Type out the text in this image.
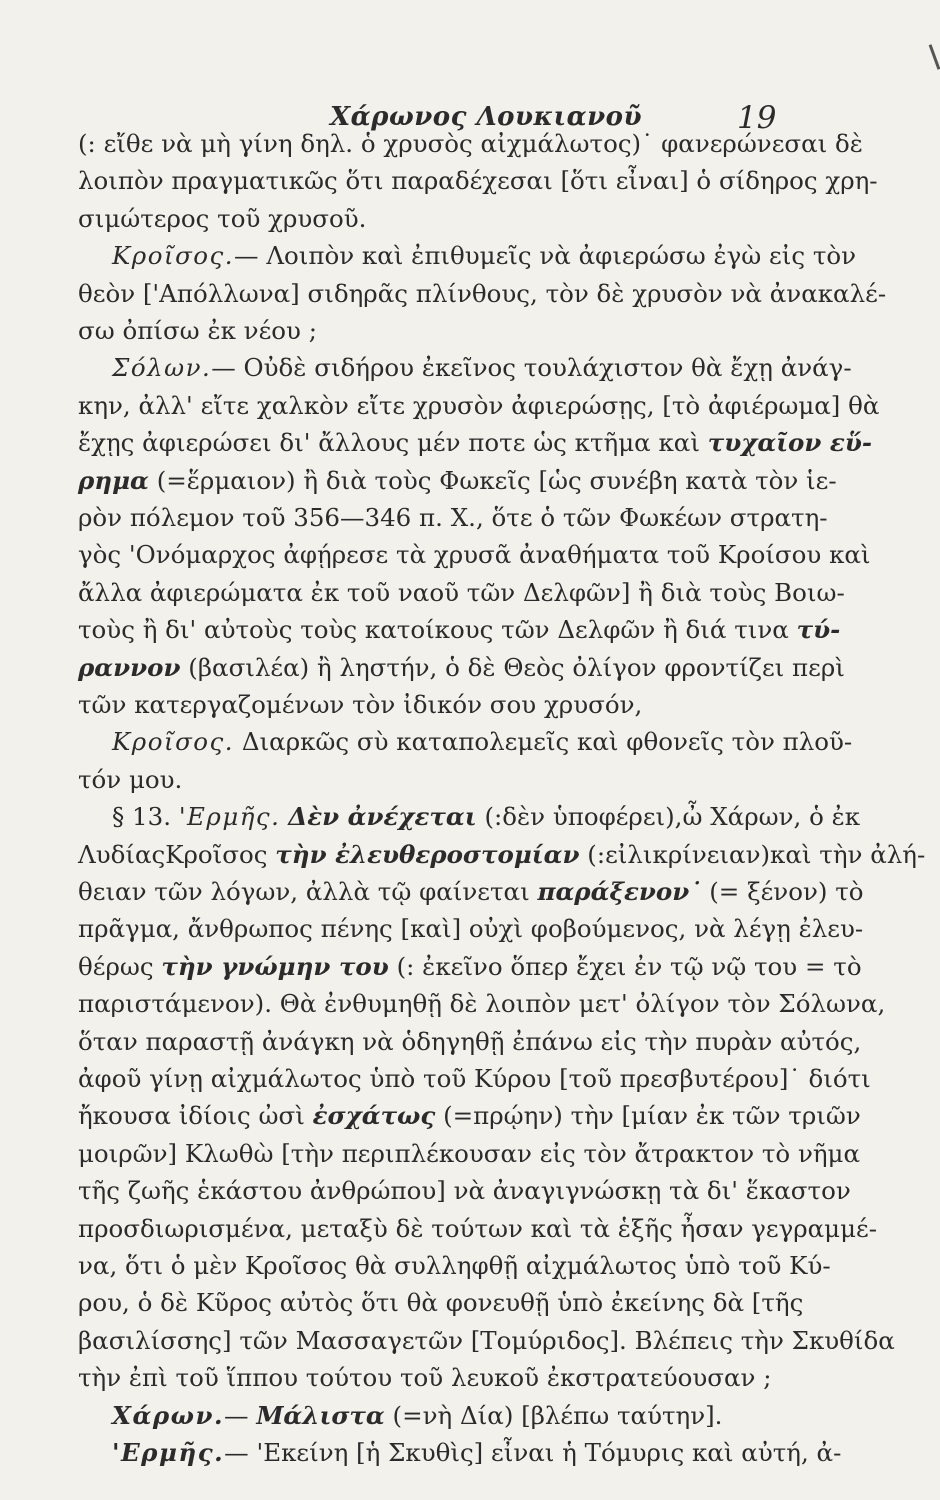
Χάρωνος Λουκιανοῦ	19
(: εἴθε νὰ μὴ γίνη δηλ. ὁ χρυσὸς αἰχμάλωτος)˙ φανερώνεσαι δὲ
λοιπὸν πραγματικῶς ὅτι παραδέχεσαι [ὅτι εἶναι] ὁ σίδηρος χρη-
σιμώτερος τοῦ χρυσοῦ.
Κροῖσος.— Λοιπὸν καὶ ἐπιθυμεῖς νὰ ἀφιερώσω ἐγὼ εἰς τὸν
θεὸν ['Απόλλωνα] σιδηρᾶς πλίνθους, τὸν δὲ χρυσὸν νὰ ἀνακαλέ-
σω ὀπίσω ἐκ νέου ;
Σόλων.— Οὐδὲ σιδήρου ἐκεῖνος τουλάχιστον θὰ ἔχῃ ἀνάγ-
κην, ἀλλ' εἴτε χαλκὸν εἴτε χρυσὸν ἀφιερώσῃς, [τὸ ἀφιέρωμα] θὰ
ἔχῃς ἀφιερώσει δι' ἄλλους μέν ποτε ὡς κτῆμα καὶ τυχαῖον εὕ-
ρημα (=ἕρμαιον) ἢ διὰ τοὺς Φωκεῖς [ὡς συνέβη κατὰ τὸν ἱε-
ρὸν πόλεμον τοῦ 356—346 π. Χ., ὅτε ὁ τῶν Φωκέων στρατη-
γὸς 'Ονόμαρχος ἀφῄρεσε τὰ χρυσᾶ ἀναθήματα τοῦ Κροίσου καὶ
ἄλλα ἀφιερώματα ἐκ τοῦ ναοῦ τῶν Δελφῶν] ἢ διὰ τοὺς Βοιω-
τοὺς ἢ δι' αὐτοὺς τοὺς κατοίκους τῶν Δελφῶν ἢ διά τινα τύ-
ραννον (βασιλέα) ἢ ληστήν, ὁ δὲ Θεὸς ὀλίγον φροντίζει περὶ
τῶν κατεργαζομένων τὸν ἰδικόν σου χρυσόν,
Κροῖσος. Διαρκῶς σὺ καταπολεμεῖς καὶ φθονεῖς τὸν πλοῦ-
τόν μου.
§ 13. 'Ερμῆς. Δὲν ἀνέχεται (:δὲν ὑποφέρει),ὦ Χάρων, ὁ ἐκ
ΛυδίαςΚροῖσος τὴν ἐλευθεροστομίαν (:εἰλικρίνειαν)καὶ τὴν ἀλή-
θειαν τῶν λόγων, ἀλλὰ τῷ φαίνεται παράξενον˙ (= ξένον) τὸ
πρᾶγμα, ἄνθρωπος πένης [καὶ] οὐχὶ φοβούμενος, νὰ λέγῃ ἐλευ-
θέρως τὴν γνώμην του (: ἐκεῖνο ὅπερ ἔχει ἐν τῷ νῷ του = τὸ
παριστάμενον). Θὰ ἐνθυμηθῇ δὲ λοιπὸν μετ' ὀλίγον τὸν Σόλωνα,
ὅταν παραστῇ ἀνάγκη νὰ ὁδηγηθῇ ἐπάνω εἰς τὴν πυρὰν αὐτός,
ἀφοῦ γίνῃ αἰχμάλωτος ὑπὸ τοῦ Κύρου [τοῦ πρεσβυτέρου]˙ διότι
ἤκουσα ἰδίοις ὠσὶ ἐσχάτως (=πρῴην) τὴν [μίαν ἐκ τῶν τριῶν
μοιρῶν] Κλωθὼ [τὴν περιπλέκουσαν εἰς τὸν ἄτρακτον τὸ νῆμα
τῆς ζωῆς ἑκάστου ἀνθρώπου] νὰ ἀναγιγνώσκῃ τὰ δι' ἕκαστον
προσδιωρισμένα, μεταξὺ δὲ τούτων καὶ τὰ ἑξῆς ἦσαν γεγραμμέ-
να, ὅτι ὁ μὲν Κροῖσος θὰ συλληφθῇ αἰχμάλωτος ὑπὸ τοῦ Κύ-
ρου, ὁ δὲ Κῦρος αὐτὸς ὅτι θὰ φονευθῇ ὑπὸ ἐκείνης δὰ [τῆς
βασιλίσσης] τῶν Μασσαγετῶν [Τομύριδος]. Βλέπεις τὴν Σκυθίδα
τὴν ἐπὶ τοῦ ἵππου τούτου τοῦ λευκοῦ ἐκστρατεύουσαν ;
Χάρων.— Μάλιστα (=νὴ Δία) [βλέπω ταύτην].
'Ερμῆς.— 'Εκείνη [ἡ Σκυθὶς] εἶναι ἡ Τόμυρις καὶ αὐτή, ἀ-
